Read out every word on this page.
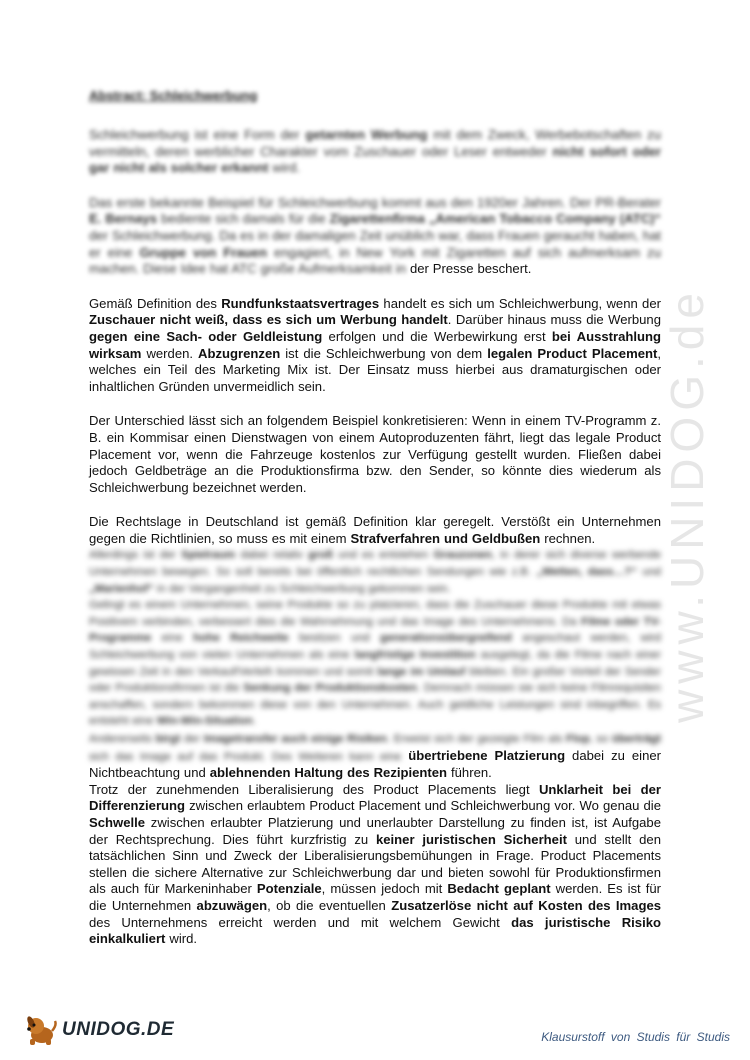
www.UNIDOG.de
Abstract: Schleichwerbung

Schleichwerbung ist eine Form der getarnten Werbung mit dem Zweck, Werbebotschaften zu vermitteln, deren werblicher Charakter vom Zuschauer oder Leser entweder nicht sofort oder gar nicht als solcher erkannt wird.

Das erste bekannte Beispiel für Schleichwerbung kommt aus den 1920er Jahren. Der PR-Berater E. Bernays bediente sich damals für die Zigarettenfirma „American Tobacco Company (ATC)“ der Schleichwerbung. Da es in der damaligen Zeit unüblich war, dass Frauen geraucht haben, hat er eine Gruppe von Frauen engagiert, in New York mit Zigaretten auf sich aufmerksam zu machen. Diese Idee hat ATC große Aufmerksamkeit in der Presse beschert.

Gemäß Definition des Rundfunkstaatsvertrages handelt es sich um Schleichwerbung, wenn der Zuschauer nicht weiß, dass es sich um Werbung handelt. Darüber hinaus muss die Werbung gegen eine Sach- oder Geldleistung erfolgen und die Werbewirkung erst bei Ausstrahlung wirksam werden. Abzugrenzen ist die Schleichwerbung von dem legalen Product Placement, welches ein Teil des Marketing Mix ist. Der Einsatz muss hierbei aus dramaturgischen oder inhaltlichen Gründen unvermeidlich sein.

Der Unterschied lässt sich an folgendem Beispiel konkretisieren: Wenn in einem TV-Programm z. B. ein Kommisar einen Dienstwagen von einem Autoproduzenten fährt, liegt das legale Product Placement vor, wenn die Fahrzeuge kostenlos zur Verfügung gestellt wurden. Fließen dabei jedoch Geldbeträge an die Produktionsfirma bzw. den Sender, so könnte dies wiederum als Schleichwerbung bezeichnet werden.

Die Rechtslage in Deutschland ist gemäß Definition klar geregelt. Verstößt ein Unternehmen gegen die Richtlinien, so muss es mit einem Strafverfahren und Geldbußen rechnen.

Allerdings ist der Spielraum dabei relativ groß und es entstehen Grauzonen, in derer sich diverse werbende Unternehmen bewegen. So soll bereits bei öffentlich rechtlichen Sendungen wie z.B. „Wetten, dass…?“ und „Marienhof“ in der Vergangenheit zu Schleichwerbung gekommen sein.

Gelingt es einem Unternehmen, seine Produkte so zu platzieren, dass die Zuschauer diese Produkte mit etwas Positivem verbinden, verbessert dies die Wahrnehmung und das Image des Unternehmens. Da Filme oder TV-Programme eine hohe Reichweite besitzen und generationsübergreifend angeschaut werden, wird Schleichwerbung von vielen Unternehmen als eine langfristige Investition ausgelegt, da die Filme nach einer gewissen Zeit in den Verkauf/Verleih kommen und somit lange im Umlauf bleiben. Ein großer Vorteil der Sender oder Produktionsfirmen ist die Senkung der Produktionskosten. Demnach müssen sie sich keine Filmrequisiten anschaffen, sondern bekommen diese von den Unternehmen. Auch geldliche Leistungen sind inbegriffen. Es entsteht eine Win-Win-Situation.

Andererseits birgt der Imagetransfer auch einige Risiken. Erweist sich der gezeigte Film als Flop, so überträgt sich das Image auf das Produkt. Des Weiteren kann eine übertriebene Platzierung dabei zu einer Nichtbeachtung und ablehnenden Haltung des Rezipienten führen.

Trotz der zunehmenden Liberalisierung des Product Placements liegt Unklarheit bei der Differenzierung zwischen erlaubtem Product Placement und Schleichwerbung vor. Wo genau die Schwelle zwischen erlaubter Platzierung und unerlaubter Darstellung zu finden ist, ist Aufgabe der Rechtsprechung. Dies führt kurzfristig zu keiner juristischen Sicherheit und stellt den tatsächlichen Sinn und Zweck der Liberalisierungsbemühungen in Frage. Product Placements stellen die sichere Alternative zur Schleichwerbung dar und bieten sowohl für Produktionsfirmen als auch für Markeninhaber Potenziale, müssen jedoch mit Bedacht geplant werden. Es ist für die Unternehmen abzuwägen, ob die eventuellen Zusatzerlöse nicht auf Kosten des Images des Unternehmens erreicht werden und mit welchem Gewicht das juristische Risiko einkalkuliert wird.

UNIDOG.DE	Klausurstoff von Studis für Studis
